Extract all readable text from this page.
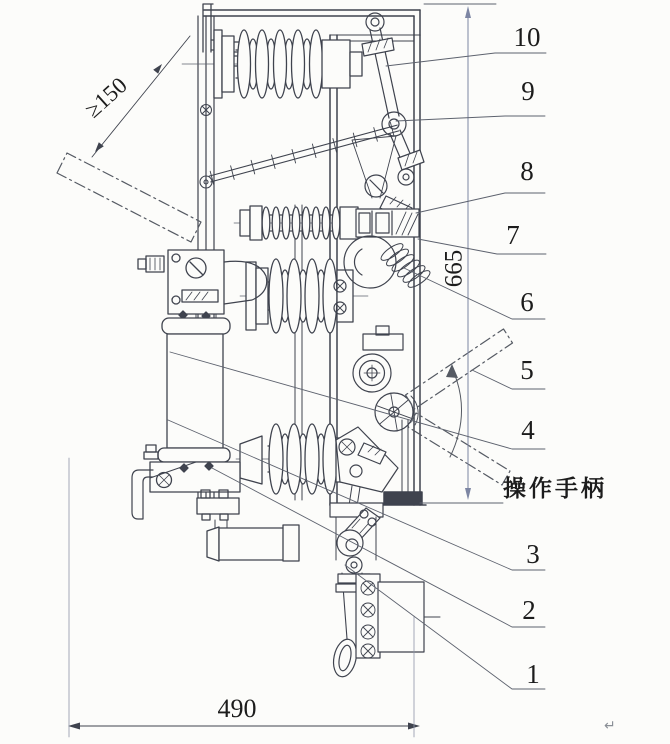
10
9
8
7
6
5
4
3
2
1
490
665
≥150
操作手柄
↵
